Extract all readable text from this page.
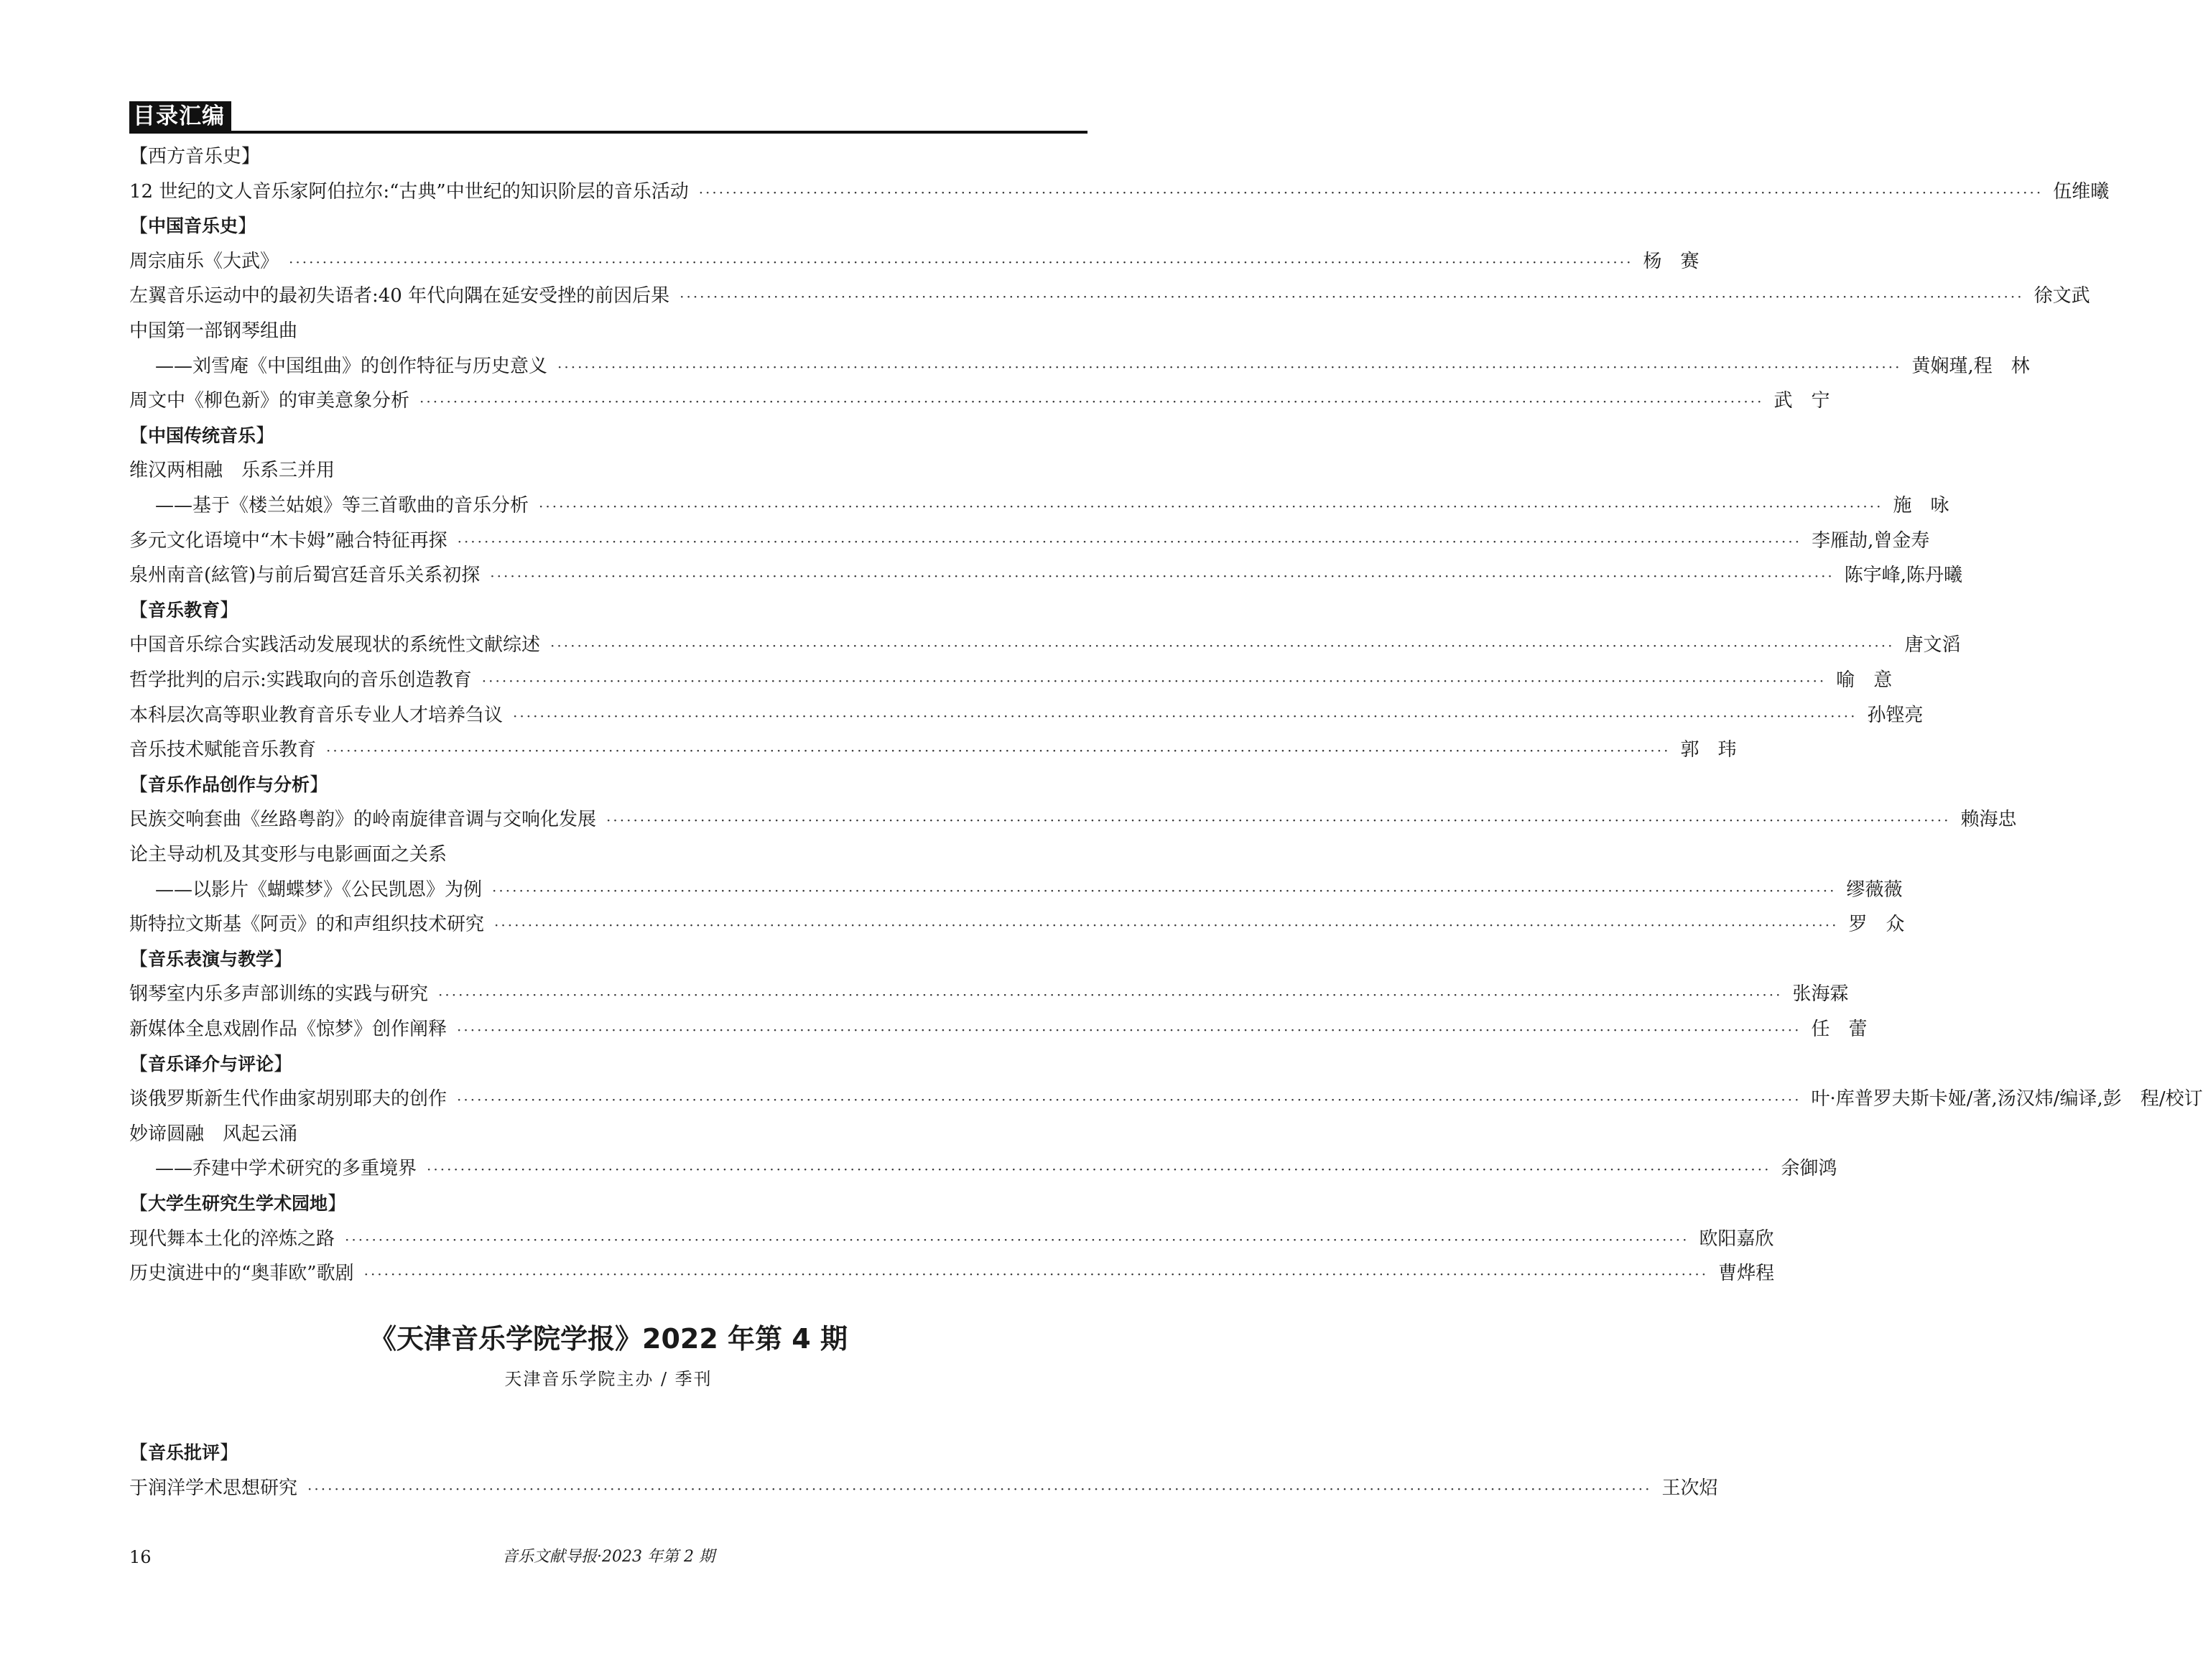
目录汇编
【西方音乐史】
12 世纪的文人音乐家阿伯拉尔:“古典”中世纪的知识阶层的音乐活动 ········································································································································································································ 伍维曦
【中国音乐史】
周宗庙乐《大武》 ········································································································································································································ 杨　赛
左翼音乐运动中的最初失语者:40 年代向隅在延安受挫的前因后果 ········································································································································································································ 徐文武
中国第一部钢琴组曲
——刘雪庵《中国组曲》的创作特征与历史意义 ········································································································································································································ 黄娴瑾,程　林
周文中《柳色新》的审美意象分析 ········································································································································································································ 武　宁
【中国传统音乐】
维汉两相融　乐系三并用
——基于《楼兰姑娘》等三首歌曲的音乐分析 ········································································································································································································ 施　咏
多元文化语境中“木卡姆”融合特征再探 ········································································································································································································ 李雁劼,曾金寿
泉州南音(絃管)与前后蜀宫廷音乐关系初探 ········································································································································································································ 陈宇峰,陈丹曦
【音乐教育】
中国音乐综合实践活动发展现状的系统性文献综述 ········································································································································································································ 唐文滔
哲学批判的启示:实践取向的音乐创造教育 ········································································································································································································ 喻　意
本科层次高等职业教育音乐专业人才培养刍议 ········································································································································································································ 孙铿亮
音乐技术赋能音乐教育 ········································································································································································································ 郭　玮
【音乐作品创作与分析】
民族交响套曲《丝路粤韵》的岭南旋律音调与交响化发展 ········································································································································································································ 赖海忠
论主导动机及其变形与电影画面之关系
——以影片《蝴蝶梦》《公民凯恩》为例 ········································································································································································································ 缪薇薇
斯特拉文斯基《阿贡》的和声组织技术研究 ········································································································································································································ 罗　众
【音乐表演与教学】
钢琴室内乐多声部训练的实践与研究 ········································································································································································································ 张海霖
新媒体全息戏剧作品《惊梦》创作阐释 ········································································································································································································ 任　蕾
【音乐译介与评论】
谈俄罗斯新生代作曲家胡别耶夫的创作 ········································································································································································································ 叶·库普罗夫斯卡娅/著,汤汉炜/编译,彭　程/校订
妙谛圆融　风起云涌
——乔建中学术研究的多重境界 ········································································································································································································ 余御鸿
【大学生研究生学术园地】
现代舞本土化的淬炼之路 ········································································································································································································ 欧阳嘉欣
历史演进中的“奥菲欧”歌剧 ········································································································································································································ 曹烨程
《天津音乐学院学报》2022 年第 4 期
天津音乐学院主办 / 季刊
【音乐批评】
于润洋学术思想研究 ········································································································································································································ 王次炤
16	音乐文献导报·2023 年第 2 期
